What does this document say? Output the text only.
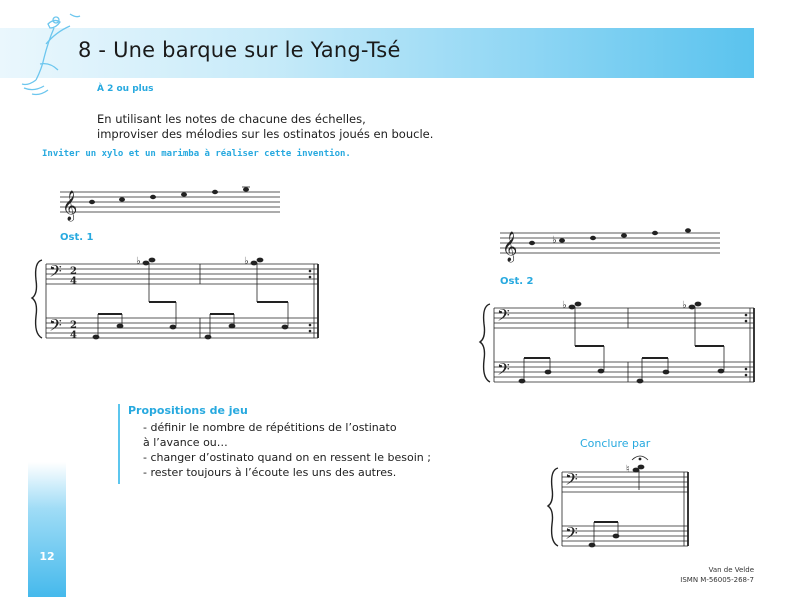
8 - Une barque sur le Yang-Tsé
À 2 ou plus
En utilisant les notes de chacune des échelles,
improviser des mélodies sur les ostinatos joués en boucle.
Inviter un xylo et un marimba à réaliser cette invention.
𝄞
Ost. 1
𝄢
𝄢
2
4
2
4
♭	♭	𝄞	♭
Ost. 2
𝄢
𝄢
♭	♭
Propositions de jeu
- définir le nombre de répétitions de l’ostinato
à l’avance ou…
- changer d’ostinato quand on en ressent le besoin ;
- rester toujours à l’écoute les uns des autres.
Conclure par
𝄢
𝄢
♮
12
Van de Velde
ISMN M-56005-268-7
